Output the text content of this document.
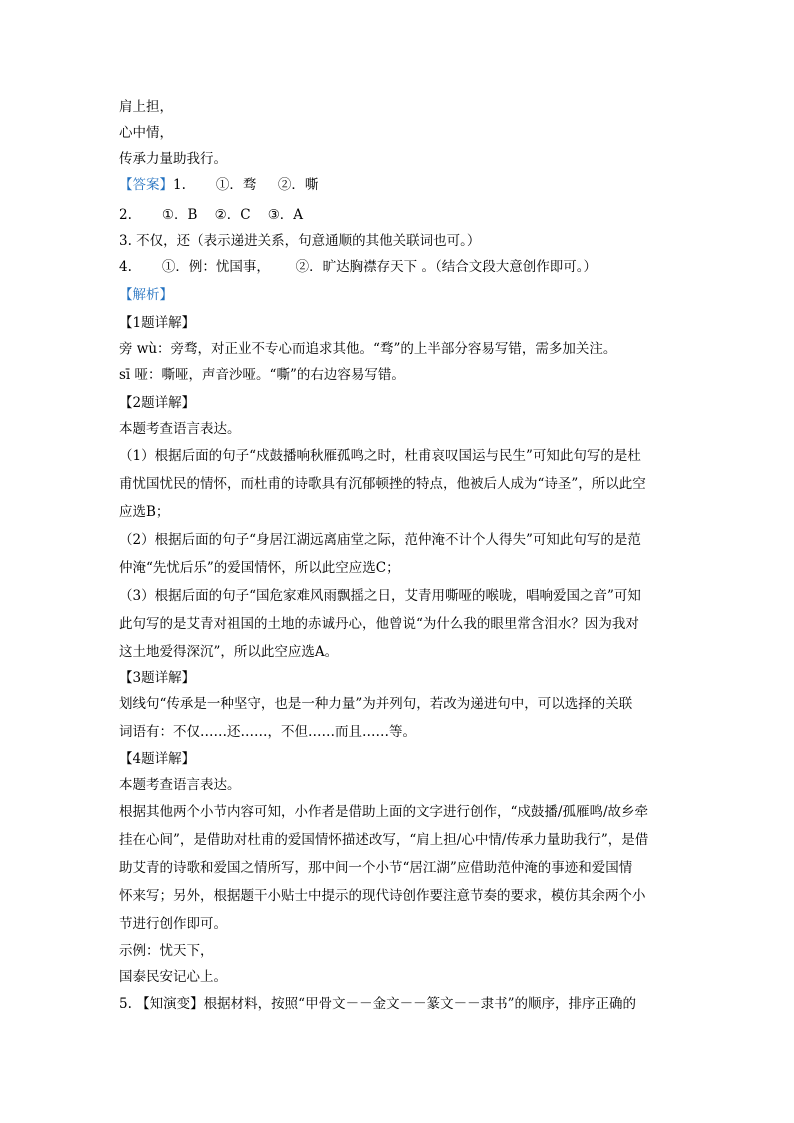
肩上担，
心中情，
传承力量助我行。
【答案】1.       ①．骛     ②．嘶
2.       ①．B    ②．C    ③．A
3. 不仅，还（表示递进关系，句意通顺的其他关联词也可。）
4.       ①．例：忧国事，      ②．旷达胸襟存天下 。（结合文段大意创作即可。）
【解析】
【1题详解】
旁 wù：旁骛，对正业不专心而追求其他。“骛”的上半部分容易写错，需多加关注。
sī 哑：嘶哑，声音沙哑。“嘶”的右边容易写错。
【2题详解】
本题考查语言表达。
（1）根据后面的句子“戍鼓播响秋雁孤鸣之时，杜甫哀叹国运与民生”可知此句写的是杜
甫忧国忧民的情怀，而杜甫的诗歌具有沉郁顿挫的特点，他被后人成为“诗圣”，所以此空
应选B；
（2）根据后面的句子“身居江湖远离庙堂之际，范仲淹不计个人得失”可知此句写的是范
仲淹“先忧后乐”的爱国情怀，所以此空应选C；
（3）根据后面的句子“国危家难风雨飘摇之日，艾青用嘶哑的喉咙，唱响爱国之音”可知
此句写的是艾青对祖国的土地的赤诚丹心，他曾说“为什么我的眼里常含泪水？因为我对
这土地爱得深沉”，所以此空应选A。
【3题详解】
划线句“传承是一种坚守，也是一种力量”为并列句，若改为递进句中，可以选择的关联
词语有：不仅……还……，不但……而且……等。
【4题详解】
本题考查语言表达。
根据其他两个小节内容可知，小作者是借助上面的文字进行创作，“戍鼓播/孤雁鸣/故乡牵
挂在心间”，是借助对杜甫的爱国情怀描述改写，“肩上担/心中情/传承力量助我行”，是借
助艾青的诗歌和爱国之情所写，那中间一个小节“居江湖”应借助范仲淹的事迹和爱国情
怀来写；另外，根据题干小贴士中提示的现代诗创作要注意节奏的要求，模仿其余两个小
节进行创作即可。
示例：忧天下，
国泰民安记心上。
5. 【知演变】根据材料，按照“甲骨文－－金文－－篆文－－隶书”的顺序，排序正确的
